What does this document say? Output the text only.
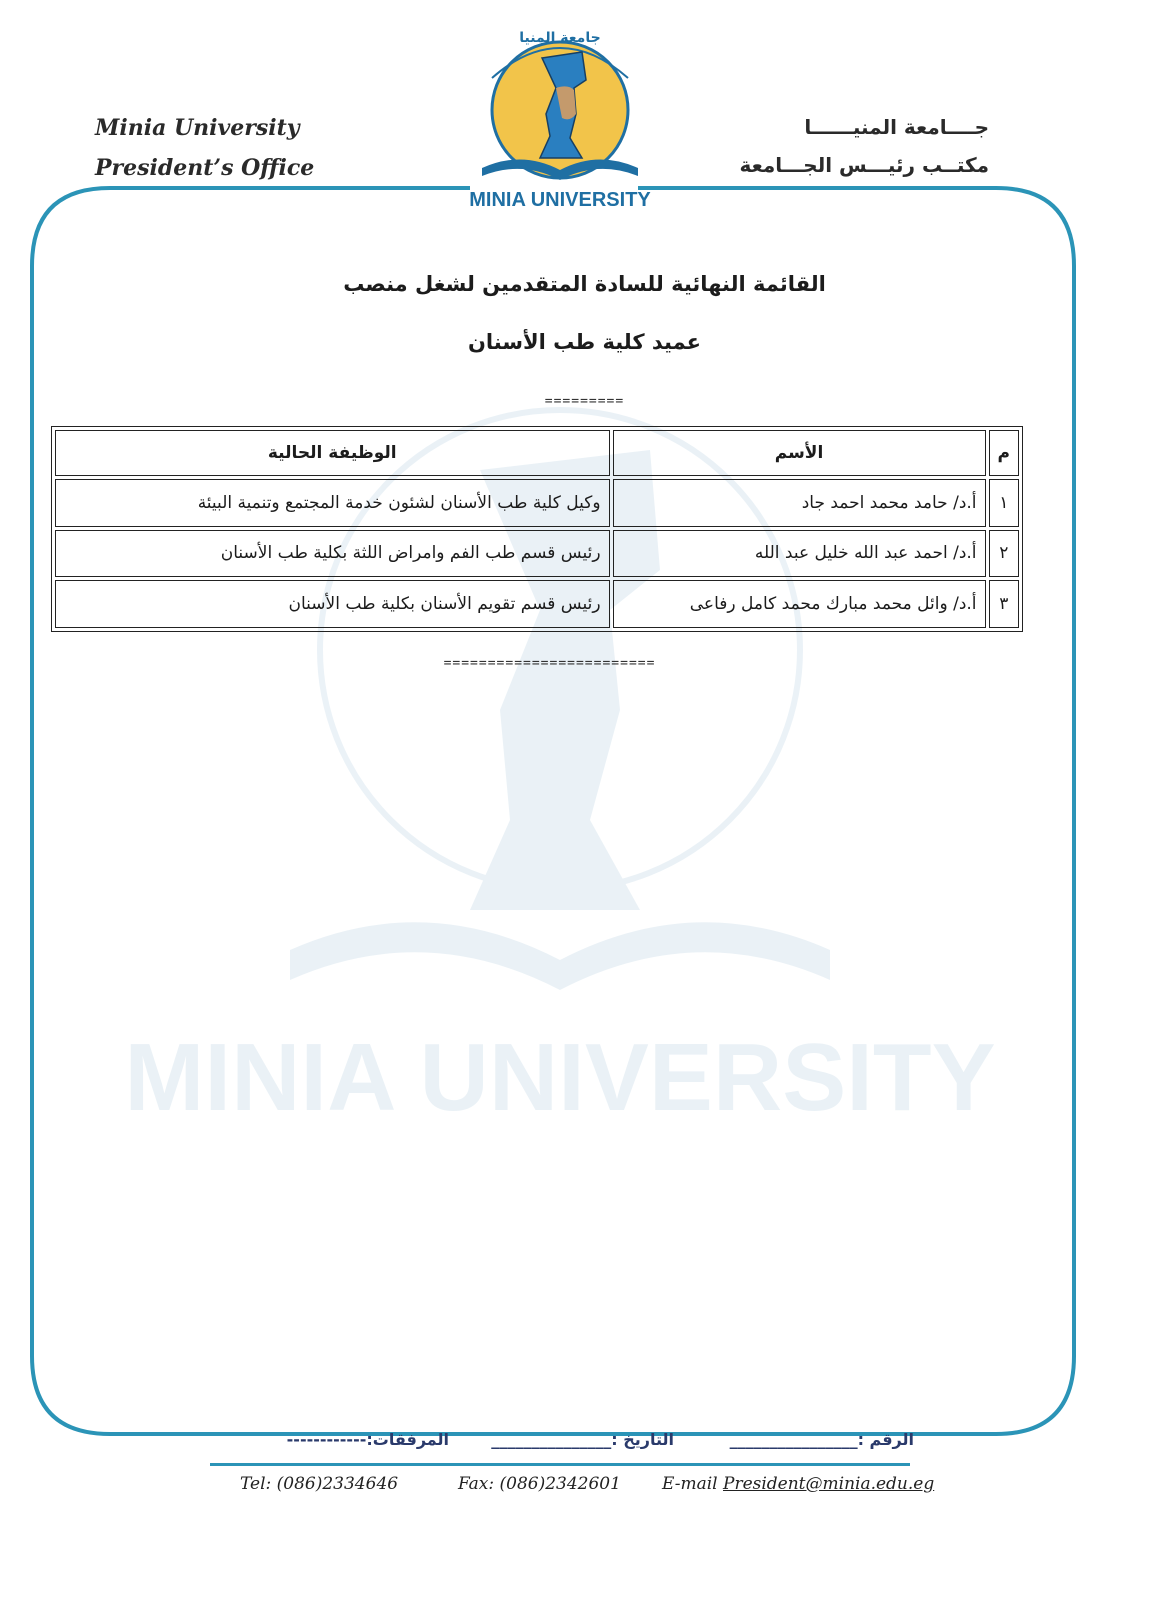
Minia University
President’s Office
جــــامعة المنيــــــا
مكتــب رئيـــس الجـــامعة
جامعة المنيا
MINIA UNIVERSITY
MINIA UNIVERSITY
القائمة النهائية للسادة المتقدمين لشغل منصب
عميد كلية طب الأسنان
=========
م	الأسم	الوظيفة الحالية
١	أ.د/ حامد محمد احمد جاد	وكيل كلية طب الأسنان لشئون خدمة المجتمع وتنمية البيئة
٢	أ.د/ احمد عبد الله خليل عبد الله	رئيس قسم طب الفم وامراض اللثة بكلية طب الأسنان
٣	أ.د/ وائل محمد مبارك محمد كامل رفاعى	رئيس قسم تقويم الأسنان بكلية طب الأسنان
========================
الرقم :________________
التاريخ :_______________
المرفقات:------------
Tel: (086)2334646	Fax: (086)2342601 E-mail President@minia.edu.eg
